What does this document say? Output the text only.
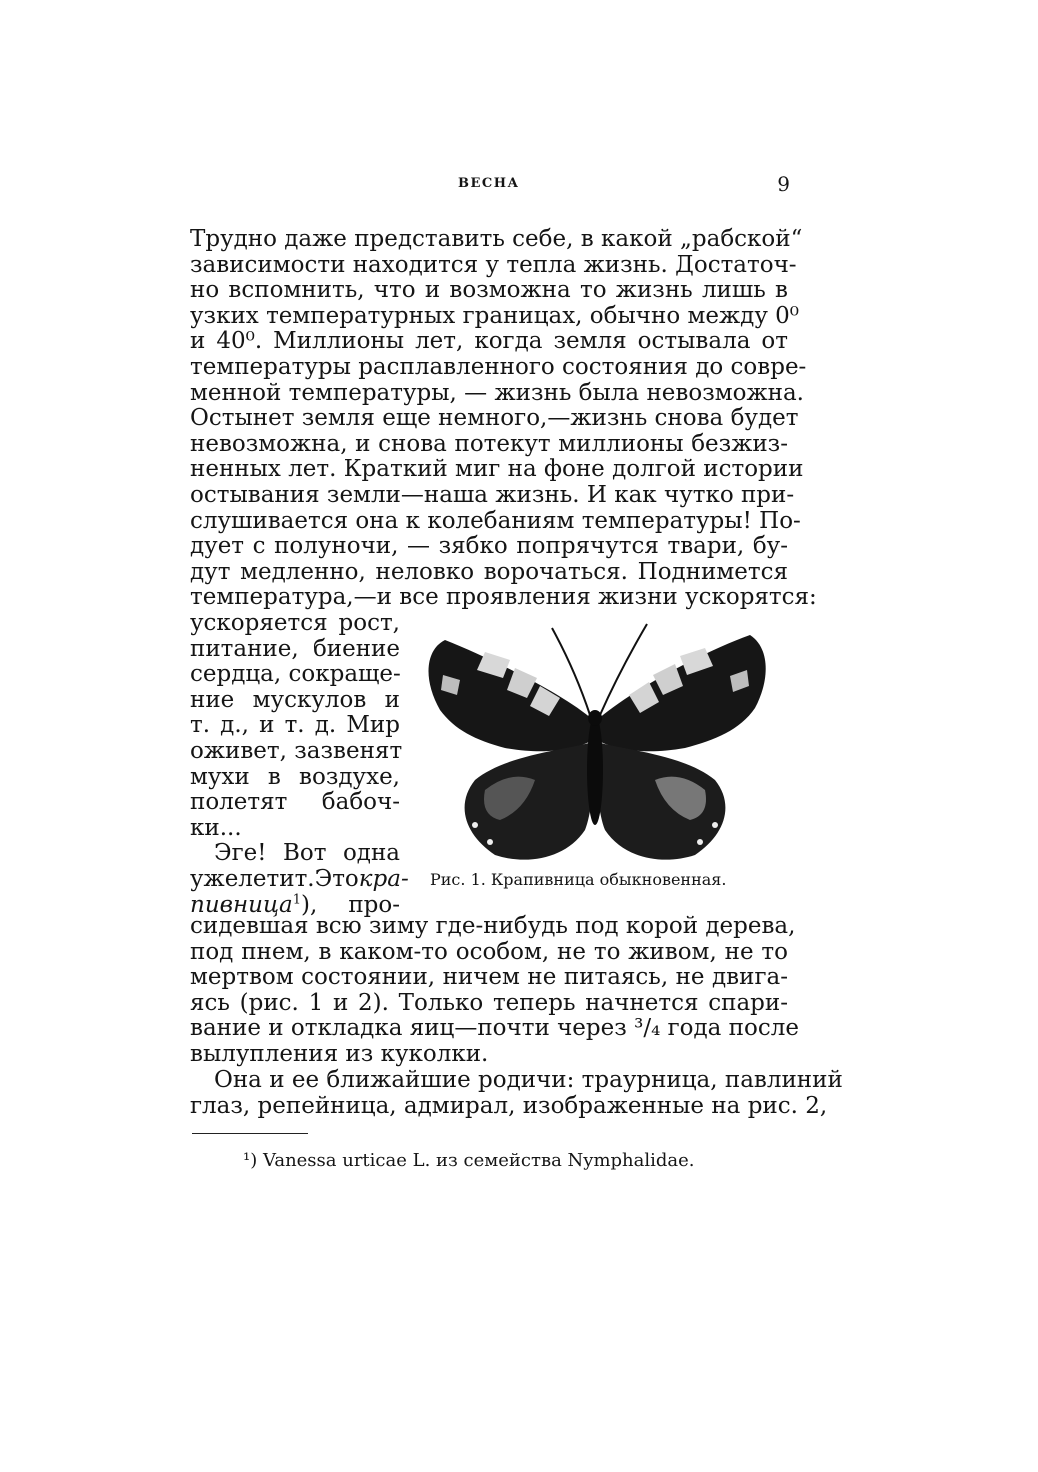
ВЕСНА	9
Трудно даже представить себе, в какой „рабской“
зависимости находится у тепла жизнь. Достаточ-
но вспомнить, что и возможна то жизнь лишь в
узких температурных границах, обычно между 0⁰
и 40⁰. Миллионы лет, когда земля остывала от
температуры расплавленного состояния до совре-
менной температуры, — жизнь была невозможна.
Остынет земля еще немного,—жизнь снова будет
невозможна, и снова потекут миллионы безжиз-
ненных лет. Краткий миг на фоне долгой истории
остывания земли—наша жизнь. И как чутко при-
слушивается она к колебаниям температуры! По-
дует с полуночи, — зябко попрячутся твари, бу-
дут медленно, неловко ворочаться. Поднимется
температура,—и все проявления жизни ускорятся:
ускоряется рост,
питание, биение
сердца, сокраще-
ние мускулов и
т. д., и т. д. Мир
оживет, зазвенят
мухи в воздухе,
полетят бабоч-
ки...
Эге! Вот одна
ужелетит.Этокра-
пивница$^1$), про-
Рис. 1. Крапивница обыкновенная.
сидевшая всю зиму где-нибудь под корой дерева,
под пнем, в каком-то особом, не то живом, не то
мертвом состоянии, ничем не питаясь, не двига-
ясь (рис. 1 и 2). Только теперь начнется спари-
вание и откладка яиц—почти через ³/₄ года после
вылупления из куколки.
Она и ее ближайшие родичи: траурница, павлиний
глаз, репейница, адмирал, изображенные на рис. 2,
¹) Vanessa urticae L. из семейства Nymphalidae.
